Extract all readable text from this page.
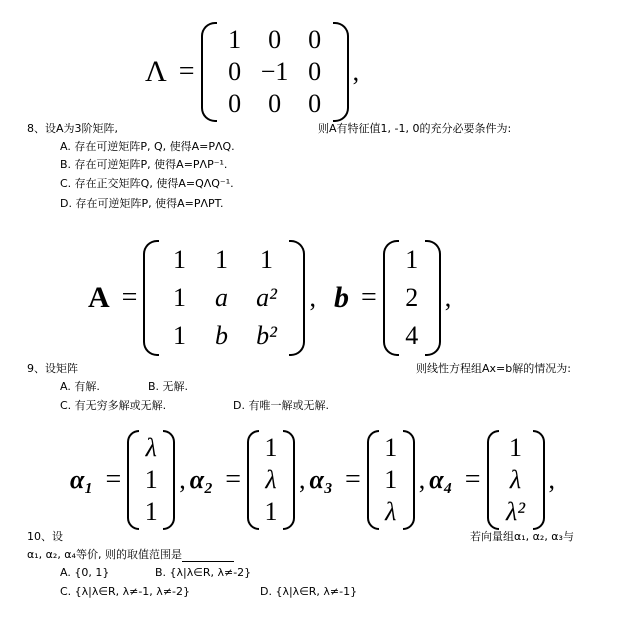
Λ =
1 0 0
0 −1 0
0 0 0
,
8、设A为3阶矩阵,	则A有特征值1, -1, 0的充分必要条件为:
A. 存在可逆矩阵P, Q, 使得A=PΛQ.
B. 存在可逆矩阵P, 使得A=PΛP⁻¹.
C. 存在正交矩阵Q, 使得A=QΛQ⁻¹.
D. 存在可逆矩阵P, 使得A=PΛPT.
A =
1 1 1
1 a a²
1 b b²
, b =
1
2
4
,
9、设矩阵	则线性方程组Ax=b解的情况为:
A. 有解.	B. 无解.
C. 有无穷多解或无解.	D. 有唯一解或无解.
α₁ =
λ
1
1
, α₂ =
1
λ
1
, α₃ =
1
1
λ
, α₄ =
1
λ
λ²
,
10、设	若向量组α₁, α₂, α₃与
α₁, α₂, α₄等价, 则的取值范围是
A. {0, 1}	B. {λ|λ∈R, λ≠-2}
C. {λ|λ∈R, λ≠-1, λ≠-2}	D. {λ|λ∈R, λ≠-1}
